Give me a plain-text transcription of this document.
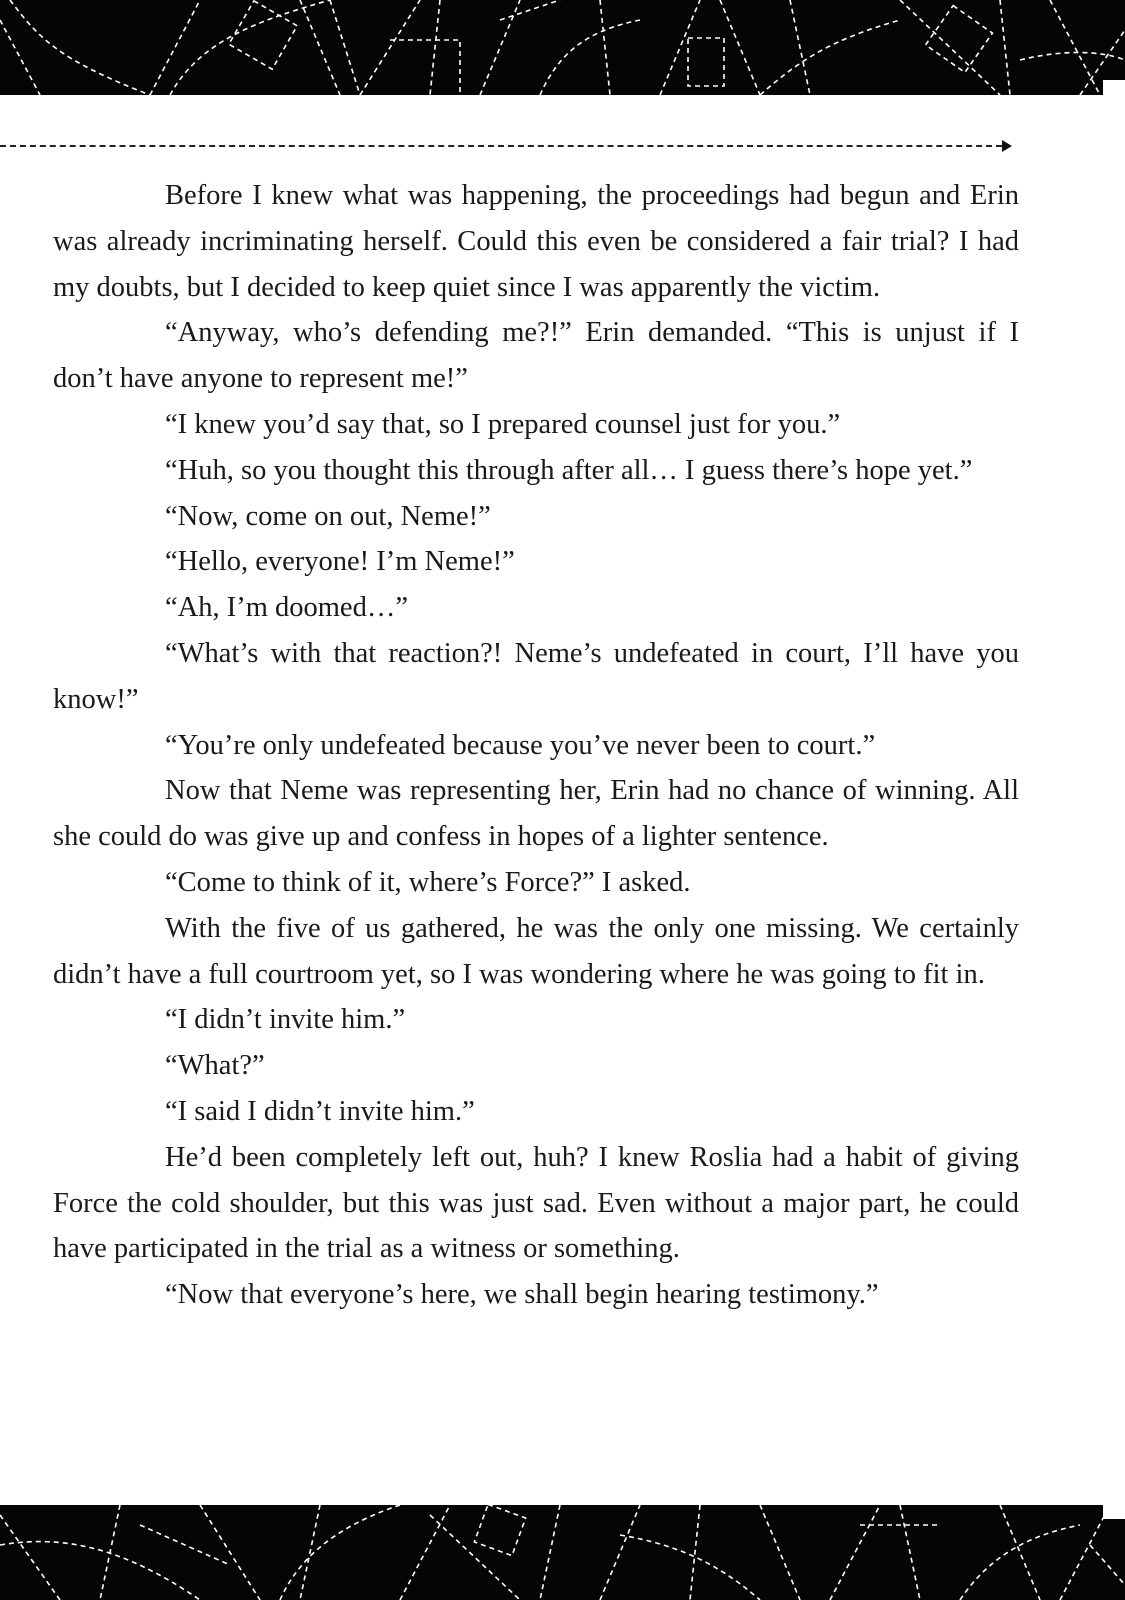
Before I knew what was happening, the proceedings had begun and Erin was already incriminating herself. Could this even be considered a fair trial? I had my doubts, but I decided to keep quiet since I was apparently the victim.

“Anyway, who’s defending me?!” Erin demanded. “This is unjust if I don’t have anyone to represent me!”

“I knew you’d say that, so I prepared counsel just for you.”

“Huh, so you thought this through after all… I guess there’s hope yet.”

“Now, come on out, Neme!”

“Hello, everyone! I’m Neme!”

“Ah, I’m doomed…”

“What’s with that reaction?! Neme’s undefeated in court, I’ll have you know!”

“You’re only undefeated because you’ve never been to court.”

Now that Neme was representing her, Erin had no chance of winning. All she could do was give up and confess in hopes of a lighter sentence.

“Come to think of it, where’s Force?” I asked.

With the five of us gathered, he was the only one missing. We certainly didn’t have a full courtroom yet, so I was wondering where he was going to fit in.

“I didn’t invite him.”

“What?”

“I said I didn’t invite him.”

He’d been completely left out, huh? I knew Roslia had a habit of giving Force the cold shoulder, but this was just sad. Even without a major part, he could have participated in the trial as a witness or something.

“Now that everyone’s here, we shall begin hearing testimony.”
